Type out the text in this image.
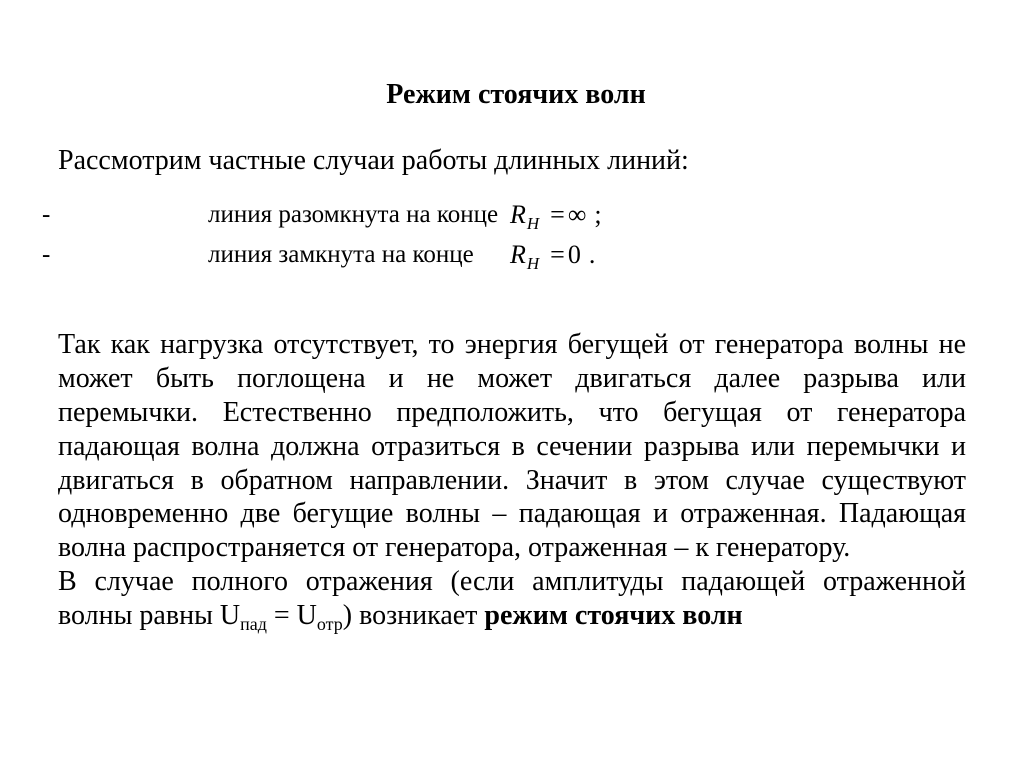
Режим стоячих волн
Рассмотрим частные случаи работы длинных линий:
-	линия разомкнута на конце $R_H$ = ∞ ;
-	линия замкнута на конце $R_H = 0$ .
Так как нагрузка отсутствует, то энергия бегущей от генератора волны не
может быть поглощена и не может двигаться далее разрыва или
перемычки. Естественно предположить, что бегущая от генератора
падающая волна должна отразиться в сечении разрыва или перемычки и
двигаться в обратном направлении. Значит в этом случае существуют
одновременно две бегущие волны – падающая и отраженная. Падающая
волна распространяется от генератора, отраженная – к генератору.
В случае полного отражения (если амплитуды падающей отраженной
волны равны $U_{пад} = U_{отр}$) возникает режим стоячих волн
